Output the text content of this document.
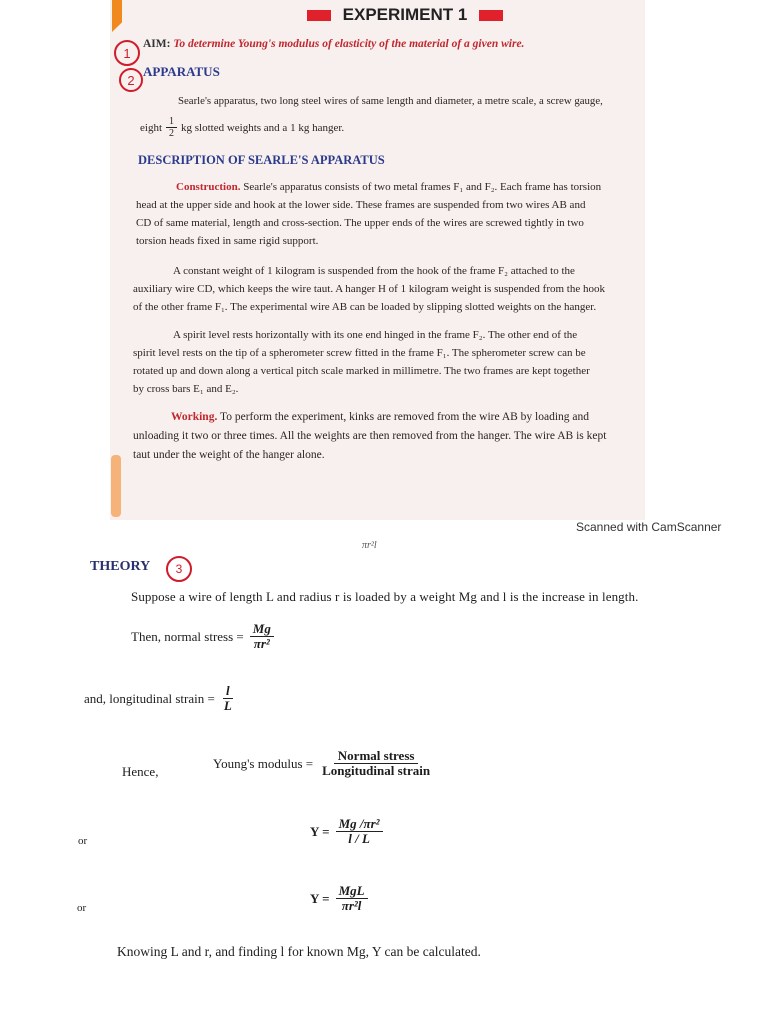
EXPERIMENT 1
1
AIM: To determine Young's modulus of elasticity of the material of a given wire.
2
APPARATUS
Searle's apparatus, two long steel wires of same length and diameter, a metre scale, a screw gauge,
eight $\frac{1}{2}$ kg slotted weights and a 1 kg hanger.
DESCRIPTION OF SEARLE'S APPARATUS
Construction. Searle's apparatus consists of two metal frames F₁ and F₂. Each frame has torsion
head at the upper side and hook at the lower side. These frames are suspended from two wires AB and
CD of same material, length and cross-section. The upper ends of the wires are screwed tightly in two
torsion heads fixed in same rigid support.
A constant weight of 1 kilogram is suspended from the hook of the frame F₂ attached to the
auxiliary wire CD, which keeps the wire taut. A hanger H of 1 kilogram weight is suspended from the hook
of the other frame F₁. The experimental wire AB can be loaded by slipping slotted weights on the hanger.
A spirit level rests horizontally with its one end hinged in the frame F₂. The other end of the
spirit level rests on the tip of a spherometer screw fitted in the frame F₁. The spherometer screw can be
rotated up and down along a vertical pitch scale marked in millimetre. The two frames are kept together
by cross bars E₁ and E₂.
Working. To perform the experiment, kinks are removed from the wire AB by loading and
unloading it two or three times. All the weights are then removed from the hanger. The wire AB is kept
taut under the weight of the hanger alone.
Scanned with CamScanner
πr²l
THEORY 3
Suppose a wire of length L and radius r is loaded by a weight Mg and l is the increase in length.
Then, normal stress = $\frac{Mg}{\text{πr²}}$
and, longitudinal strain = $\frac{l}{L}$
Hence,
Young's modulus = $\frac{\text{Normal stress}}{\text{Longitudinal strain}}$
or
$Y = \frac{\text{Mg /πr²}}{l / L}$
or
$Y = \frac{\text{MgL}}{\text{πr²l}}$
Knowing L and r, and finding l for known Mg, Y can be calculated.
